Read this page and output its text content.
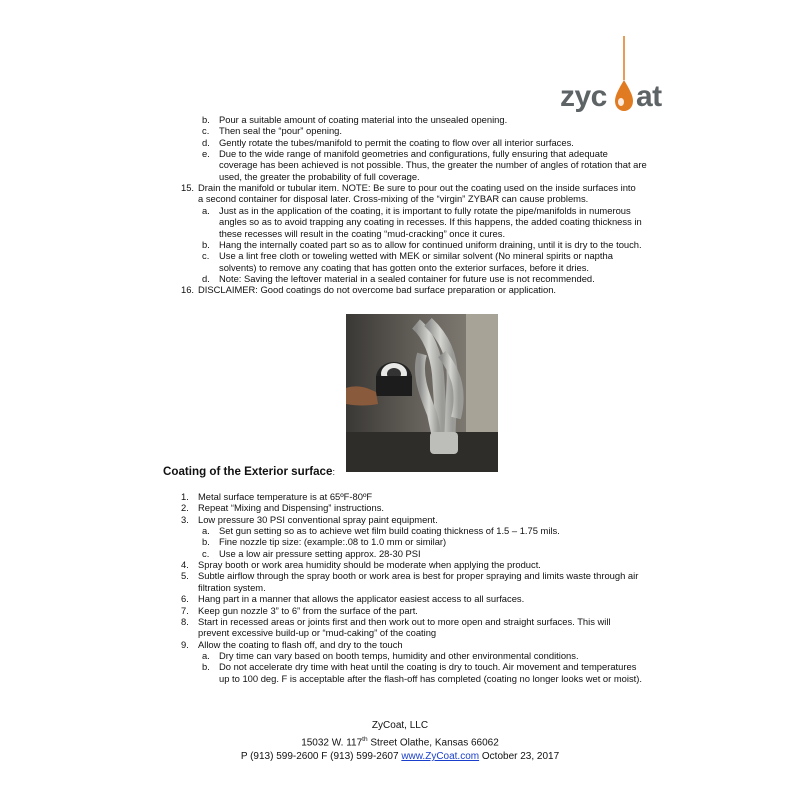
zyc at
b. Pour a suitable amount of coating material into the unsealed opening.
c. Then seal the “pour” opening.
d. Gently rotate the tubes/manifold to permit the coating to flow over all interior surfaces.
e. Due to the wide range of manifold geometries and configurations, fully ensuring that adequate
coverage has been achieved is not possible. Thus, the greater the number of angles of rotation that are
used, the greater the probability of full coverage.
15. Drain the manifold or tubular item. NOTE: Be sure to pour out the coating used on the inside surfaces into
a second container for disposal later. Cross-mixing of the “virgin” ZYBAR can cause problems.
a. Just as in the application of the coating, it is important to fully rotate the pipe/manifolds in numerous
angles so as to avoid trapping any coating in recesses. If this happens, the added coating thickness in
these recesses will result in the coating “mud-cracking” once it cures.
b. Hang the internally coated part so as to allow for continued uniform draining, until it is dry to the touch.
c. Use a lint free cloth or toweling wetted with MEK or similar solvent (No mineral spirits or naptha
solvents) to remove any coating that has gotten onto the exterior surfaces, before it dries.
d. Note: Saving the leftover material in a sealed container for future use is not recommended.
16. DISCLAIMER: Good coatings do not overcome bad surface preparation or application.
1. Metal surface temperature is at 65ºF-80ºF
2. Repeat “Mixing and Dispensing” instructions.
3. Low pressure 30 PSI conventional spray paint equipment.
a. Set gun setting so as to achieve wet film build coating thickness of 1.5 – 1.75 mils.
b. Fine nozzle tip size: (example:.08 to 1.0 mm or similar)
c. Use a low air pressure setting approx. 28-30 PSI
4. Spray booth or work area humidity should be moderate when applying the product.
5. Subtle airflow through the spray booth or work area is best for proper spraying and limits waste through air
filtration system.
6. Hang part in a manner that allows the applicator easiest access to all surfaces.
7. Keep gun nozzle 3” to 6” from the surface of the part.
8. Start in recessed areas or joints first and then work out to more open and straight surfaces. This will
prevent excessive build-up or “mud-caking” of the coating
9. Allow the coating to flash off, and dry to the touch
a. Dry time can vary based on booth temps, humidity and other environmental conditions.
b. Do not accelerate dry time with heat until the coating is dry to touch. Air movement and temperatures
up to 100 deg. F is acceptable after the flash-off has completed (coating no longer looks wet or moist).
Coating of the Exterior surface:
ZyCoat, LLC
15032 W. 117th Street Olathe, Kansas 66062
P (913) 599-2600 F (913) 599-2607 www.ZyCoat.com October 23, 2017
